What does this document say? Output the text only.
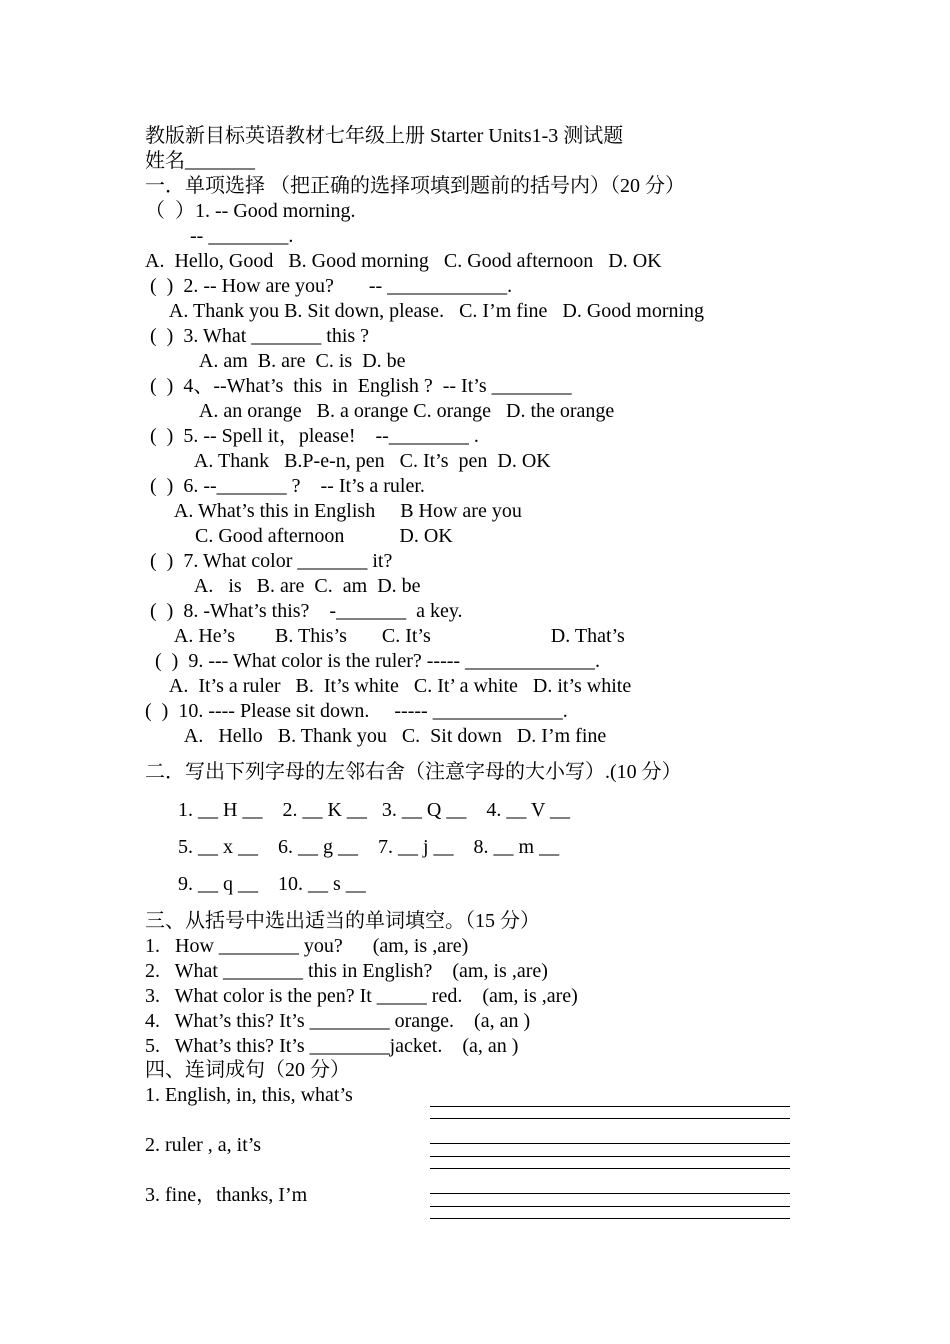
教版新目标英语教材七年级上册 Starter Units1-3 测试题
姓名_______
一．单项选择 （把正确的选择项填到题前的括号内）（20 分）
（  ）1. -- Good morning.
-- ________.
A.  Hello, Good   B. Good morning   C. Good afternoon   D. OK
(  )  2. -- How are you?       -- ____________.
A. Thank you B. Sit down, please.   C. I’m fine   D. Good morning
(  )  3. What _______ this ?
A. am  B. are  C. is  D. be
(  )  4、--What’s  this  in  English ?  -- It’s ________
A. an orange   B. a orange C. orange   D. the orange
(  )  5. -- Spell it，please!    --________ .
A. Thank   B.P-e-n, pen   C. It’s  pen  D. OK
(  )  6. --_______ ?    -- It’s a ruler.
A. What’s this in English     B How are you
C. Good afternoon           D. OK
(  )  7. What color _______ it?
A.   is   B. are  C.  am  D. be
(  )  8. -What’s this?    -_______  a key.
A. He’s        B. This’s       C. It’s                        D. That’s
(  )  9. --- What color is the ruler? ----- _____________.
A.  It’s a ruler   B.  It’s white   C. It’ a white   D. it’s white
(  )  10. ---- Please sit down.     ----- _____________.
A.   Hello   B. Thank you   C.  Sit down   D. I’m fine
二．写出下列字母的左邻右舍（注意字母的大小写）.(10 分）
1. __ H __    2. __ K __   3. __ Q __    4. __ V __
5. __ x __    6. __ g __    7. __ j __    8. __ m __
9. __ q __    10. __ s __
三、从括号中选出适当的单词填空。（15 分）
1.   How ________ you?      (am, is ,are)
2.   What ________ this in English?    (am, is ,are)
3.   What color is the pen? It _____ red.    (am, is ,are)
4.   What’s this? It’s ________ orange.    (a, an )
5.   What’s this? It’s ________jacket.    (a, an )
四、连词成句（20 分）
1. English, in, this, what’s
2. ruler , a, it’s
3. fine，thanks, I’m
